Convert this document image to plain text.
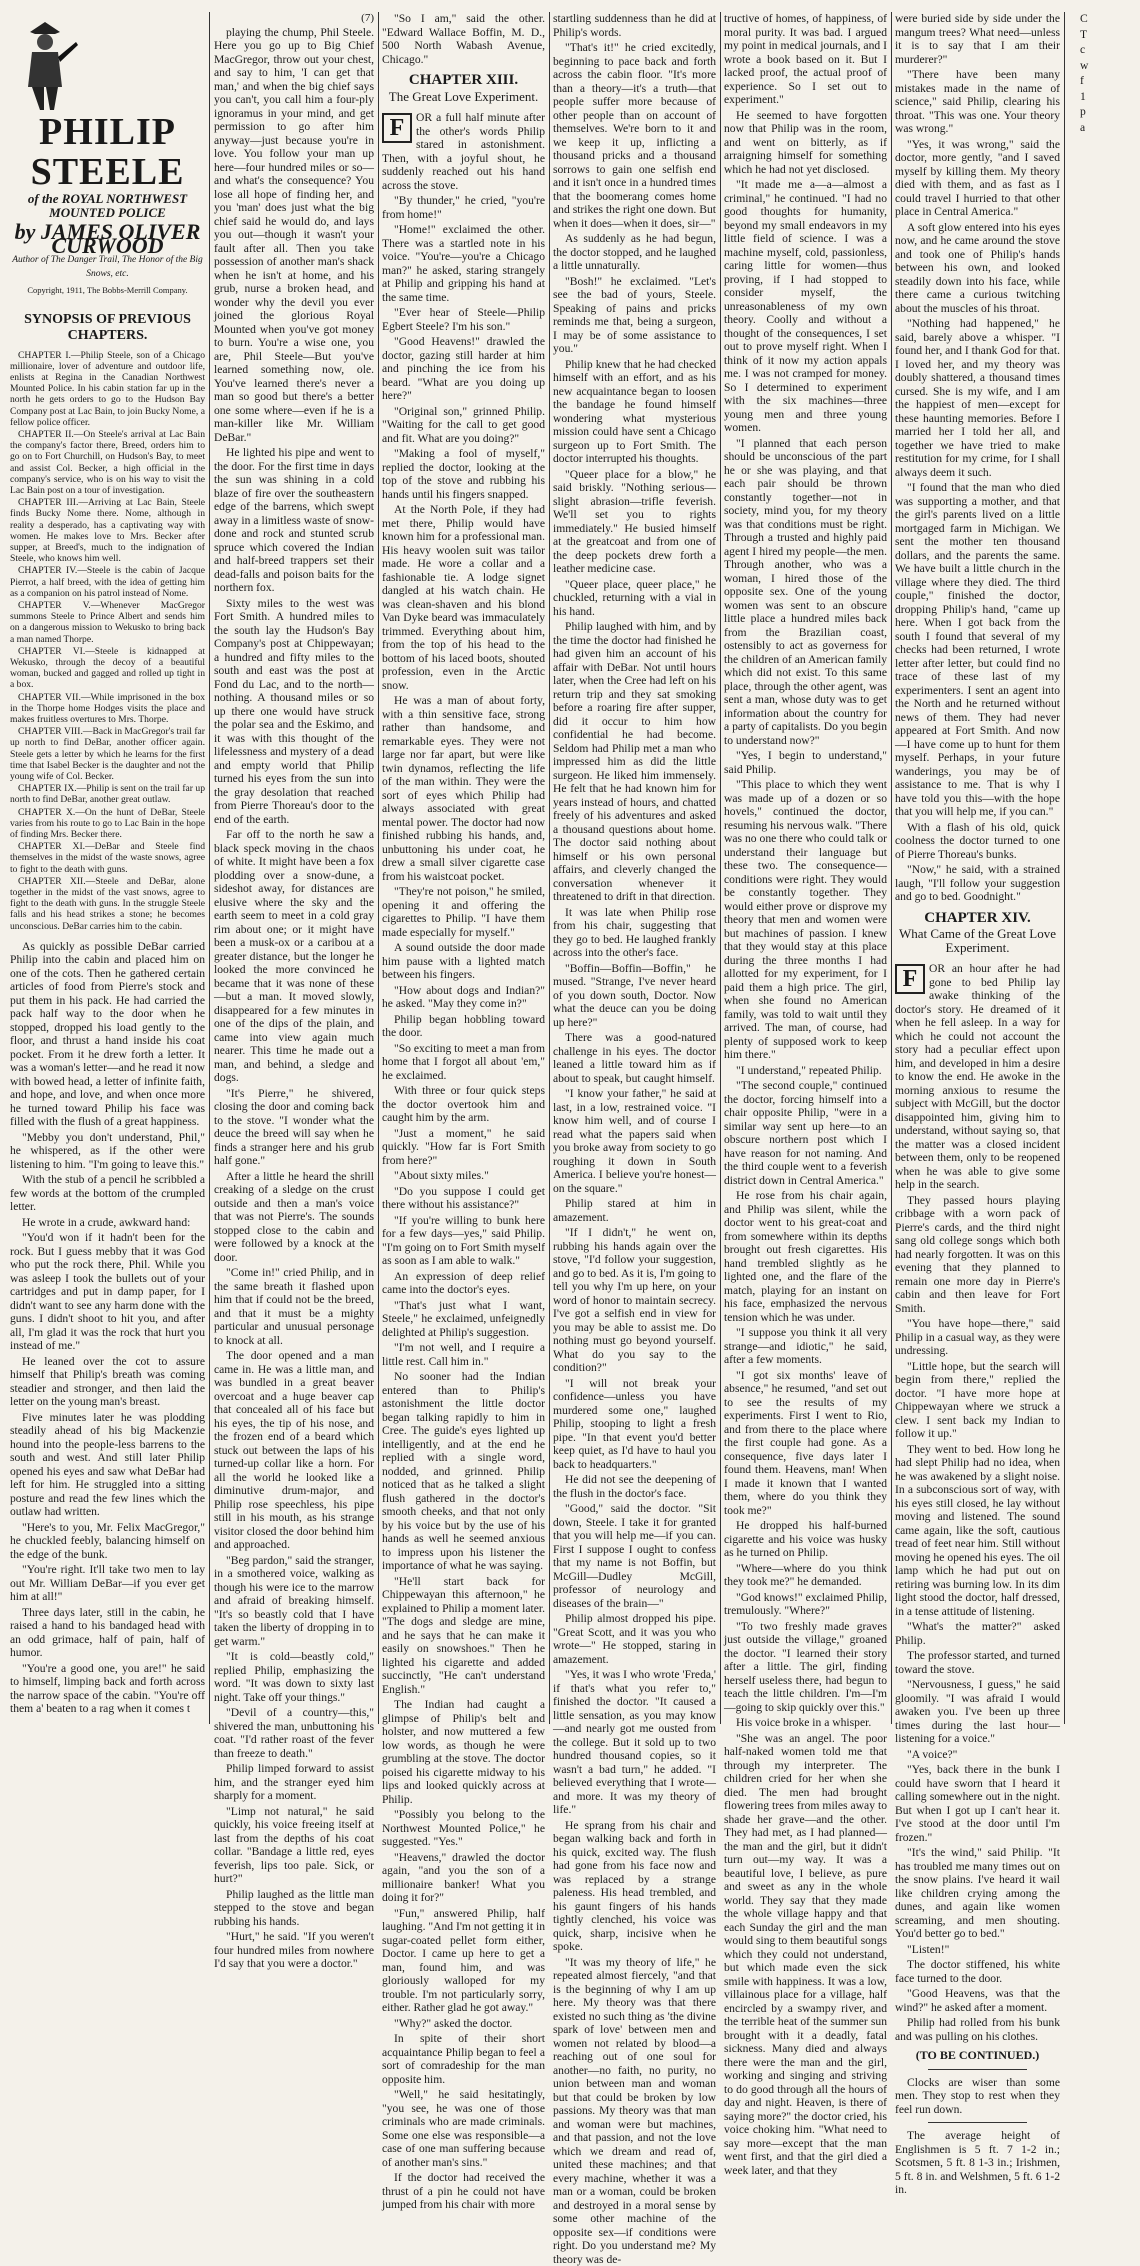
PHILIP STEELE
of the ROYAL NORTHWEST MOUNTED POLICE
by JAMES OLIVER CURWOOD
Author of The Danger Trail, The Honor of the Big Snows, etc.
Copyright, 1911, The Bobbs-Merrill Company.
SYNOPSIS OF PREVIOUS CHAPTERS.

CHAPTER I.—Philip Steele, son of a Chicago millionaire, lover of adventure and outdoor life, enlists at Regina in the Canadian Northwest Mounted Police. In his cabin station far up in the north he gets orders to go to the Hudson Bay Company post at Lac Bain, to join Bucky Nome, a fellow police officer.

CHAPTER II.—On Steele's arrival at Lac Bain the company's factor there, Breed, orders him to go on to Fort Churchill, on Hudson's Bay, to meet and assist Col. Becker, a high official in the company's service, who is on his way to visit the Lac Bain post on a tour of investigation.

CHAPTER III.—Arriving at Lac Bain, Steele finds Bucky Nome there. Nome, although in reality a desperado, has a captivating way with women. He makes love to Mrs. Becker after supper, at Breed's, much to the indignation of Steele, who knows him well.

CHAPTER IV.—Steele is the cabin of Jacque Pierrot, a half breed, with the idea of getting him as a companion on his patrol instead of Nome.

CHAPTER V.—Whenever MacGregor summons Steele to Prince Albert and sends him on a dangerous mission to Wekusko to bring back a man named Thorpe.

CHAPTER VI.—Steele is kidnapped at Wekusko, through the decoy of a beautiful woman, bucked and gagged and rolled up tight in a box.

CHAPTER VII.—While imprisoned in the box in the Thorpe home Hodges visits the place and makes fruitless overtures to Mrs. Thorpe.

CHAPTER VIII.—Back in MacGregor's trail far up north to find DeBar, another officer again. Steele gets a letter by which he learns for the first time that Isabel Becker is the daughter and not the young wife of Col. Becker.

CHAPTER IX.—Philip is sent on the trail far up north to find DeBar, another great outlaw.

CHAPTER X.—On the hunt of DeBar, Steele varies from his route to go to Lac Bain in the hope of finding Mrs. Becker there.

CHAPTER XI.—DeBar and Steele find themselves in the midst of the waste snows, agree to fight to the death with guns.

CHAPTER XII.—Steele and DeBar, alone together in the midst of the vast snows, agree to fight to the death with guns. In the struggle Steele falls and his head strikes a stone; he becomes unconscious. DeBar carries him to the cabin.

As quickly as possible DeBar carried Philip into the cabin and placed him on one of the cots. Then he gathered certain articles of food from Pierre's stock and put them in his pack. He had carried the pack half way to the door when he stopped, dropped his load gently to the floor, and thrust a hand inside his coat pocket. From it he drew forth a letter. It was a woman's letter—and he read it now with bowed head, a letter of infinite faith, and hope, and love, and when once more he turned toward Philip his face was filled with the flush of a great happiness.

"Mebby you don't understand, Phil," he whispered, as if the other were listening to him. "I'm going to leave this."

With the stub of a pencil he scribbled a few words at the bottom of the crumpled letter.

He wrote in a crude, awkward hand:

"You'd won if it hadn't been for the rock. But I guess mebby that it was God who put the rock there, Phil. While you was asleep I took the bullets out of your cartridges and put in damp paper, for I didn't want to see any harm done with the guns. I didn't shoot to hit you, and after all, I'm glad it was the rock that hurt you instead of me."

He leaned over the cot to assure himself that Philip's breath was coming steadier and stronger, and then laid the letter on the young man's breast.

Five minutes later he was plodding steadily ahead of his big Mackenzie hound into the people-less barrens to the south and west. And still later Philip opened his eyes and saw what DeBar had left for him. He struggled into a sitting posture and read the few lines which the outlaw had written.

"Here's to you, Mr. Felix MacGregor," he chuckled feebly, balancing himself on the edge of the bunk.

"You're right. It'll take two men to lay out Mr. William DeBar—if you ever get him at all!"

Three days later, still in the cabin, he raised a hand to his bandaged head with an odd grimace, half of pain, half of humor.

"You're a good one, you are!" he said to himself, limping back and forth across the narrow space of the cabin. "You're off them a' beaten to a rag when it comes t

(7)

playing the chump, Phil Steele. Here you go up to Big Chief MacGregor, throw out your chest, and say to him, 'I can get that man,' and when the big chief says you can't, you call him a four-ply ignoramus in your mind, and get permission to go after him anyway—just because you're in love. You follow your man up here—four hundred miles or so—and what's the consequence? You lose all hope of finding her, and you 'man' does just what the big chief said he would do, and lays you out—though it wasn't your fault after all. Then you take possession of another man's shack when he isn't at home, and his grub, nurse a broken head, and wonder why the devil you ever joined the glorious Royal Mounted when you've got money to burn. You're a wise one, you are, Phil Steele—But you've learned something now, ole. You've learned there's never a man so good but there's a better one some where—even if he is a man-killer like Mr. William DeBar."

He lighted his pipe and went to the door. For the first time in days the sun was shining in a cold blaze of fire over the southeastern edge of the barrens, which swept away in a limitless waste of snow-done and rock and stunted scrub spruce which covered the Indian and half-breed trappers set their dead-falls and poison baits for the northern fox.

Sixty miles to the west was Fort Smith. A hundred miles to the south lay the Hudson's Bay Company's post at Chippewayan; a hundred and fifty miles to the south and east was the post at Fond du Lac, and to the north—nothing. A thousand miles or so up there one would have struck the polar sea and the Eskimo, and it was with this thought of the lifelessness and mystery of a dead and empty world that Philip turned his eyes from the sun into the gray desolation that reached from Pierre Thoreau's door to the end of the earth.

Far off to the north he saw a black speck moving in the chaos of white. It might have been a fox plodding over a snow-dune, a sideshot away, for distances are elusive where the sky and the earth seem to meet in a cold gray rim about one; or it might have been a musk-ox or a caribou at a greater distance, but the longer he looked the more convinced he became that it was none of these—but a man. It moved slowly, disappeared for a few minutes in one of the dips of the plain, and came into view again much nearer. This time he made out a man, and behind, a sledge and dogs.

"It's Pierre," he shivered, closing the door and coming back to the stove. "I wonder what the deuce the breed will say when he finds a stranger here and his grub half gone."

After a little he heard the shrill creaking of a sledge on the crust outside and then a man's voice that was not Pierre's. The sounds stopped close to the cabin and were followed by a knock at the door.

"Come in!" cried Philip, and in the same breath it flashed upon him that if could not be the breed, and that it must be a mighty particular and unusual personage to knock at all.

The door opened and a man came in. He was a little man, and was bundled in a great beaver overcoat and a huge beaver cap that concealed all of his face but his eyes, the tip of his nose, and the frozen end of a beard which stuck out between the laps of his turned-up collar like a horn. For all the world he looked like a diminutive drum-major, and Philip rose speechless, his pipe still in his mouth, as his strange visitor closed the door behind him and approached.

"Beg pardon," said the stranger, in a smothered voice, walking as though his were ice to the marrow and afraid of breaking himself. "It's so beastly cold that I have taken the liberty of dropping in to get warm."

"It is cold—beastly cold," replied Philip, emphasizing the word. "It was down to sixty last night. Take off your things."

"Devil of a country—this," shivered the man, unbuttoning his coat. "I'd rather roast of the fever than freeze to death."

Philip limped forward to assist him, and the stranger eyed him sharply for a moment.

"Limp not natural," he said quickly, his voice freeing itself at last from the depths of his coat collar. "Bandage a little red, eyes feverish, lips too pale. Sick, or hurt?"

Philip laughed as the little man stepped to the stove and began rubbing his hands.

"Hurt," he said. "If you weren't four hundred miles from nowhere I'd say that you were a doctor."

"So I am," said the other. "Edward Wallace Boffin, M. D., 500 North Wabash Avenue, Chicago."

CHAPTER XIII.
The Great Love Experiment.
F	OR a full half minute after the other's words Philip stared in astonishment. Then, with a joyful shout, he suddenly reached out his hand across the stove.

"By thunder," he cried, "you're from home!"

"Home!" exclaimed the other. There was a startled note in his voice. "You're—you're a Chicago man?" he asked, staring strangely at Philip and gripping his hand at the same time.

"Ever hear of Steele—Philip Egbert Steele? I'm his son."

"Good Heavens!" drawled the doctor, gazing still harder at him and pinching the ice from his beard. "What are you doing up here?"

"Original son," grinned Philip. "Waiting for the call to get good and fit. What are you doing?"

"Making a fool of myself," replied the doctor, looking at the top of the stove and rubbing his hands until his fingers snapped.

At the North Pole, if they had met there, Philip would have known him for a professional man. His heavy woolen suit was tailor made. He wore a collar and a fashionable tie. A lodge signet dangled at his watch chain. He was clean-shaven and his blond Van Dyke beard was immaculately trimmed. Everything about him, from the top of his head to the bottom of his laced boots, shouted profession, even in the Arctic snow.

He was a man of about forty, with a thin sensitive face, strong rather than handsome, and remarkable eyes. They were not large nor far apart, but were like twin dynamos, reflecting the life of the man within. They were the sort of eyes which Philip had always associated with great mental power. The doctor had now finished rubbing his hands, and, unbuttoning his under coat, he drew a small silver cigarette case from his waistcoat pocket.

"They're not poison," he smiled, opening it and offering the cigarettes to Philip. "I have them made especially for myself."

A sound outside the door made him pause with a lighted match between his fingers.

"How about dogs and Indian?" he asked. "May they come in?"

Philip began hobbling toward the door.

"So exciting to meet a man from home that I forgot all about 'em," he exclaimed.

With three or four quick steps the doctor overtook him and caught him by the arm.

"Just a moment," he said quickly. "How far is Fort Smith from here?"

"About sixty miles."

"Do you suppose I could get there without his assistance?"

"If you're willing to bunk here for a few days—yes," said Philip. "I'm going on to Fort Smith myself as soon as I am able to walk."

An expression of deep relief came into the doctor's eyes.

"That's just what I want, Steele," he exclaimed, unfeignedly delighted at Philip's suggestion.

"I'm not well, and I require a little rest. Call him in."

No sooner had the Indian entered than to Philip's astonishment the little doctor began talking rapidly to him in Cree. The guide's eyes lighted up intelligently, and at the end he replied with a single word, nodded, and grinned. Philip noticed that as he talked a slight flush gathered in the doctor's smooth cheeks, and that not only by his voice but by the use of his hands as well he seemed anxious to impress upon his listener the importance of what he was saying.

"He'll start back for Chippewayan this afternoon," he explained to Philip a moment later. "The dogs and sledge are mine, and he says that he can make it easily on snowshoes." Then he lighted his cigarette and added succinctly, "He can't understand English."

The Indian had caught a glimpse of Philip's belt and holster, and now muttered a few low words, as though he were grumbling at the stove. The doctor poised his cigarette midway to his lips and looked quickly across at Philip.

"Possibly you belong to the Northwest Mounted Police," he suggested. "Yes."

"Heavens," drawled the doctor again, "and you the son of a millionaire banker! What you doing it for?"

"Fun," answered Philip, half laughing. "And I'm not getting it in sugar-coated pellet form either, Doctor. I came up here to get a man, found him, and was gloriously walloped for my trouble. I'm not particularly sorry, either. Rather glad he got away."

"Why?" asked the doctor.

In spite of their short acquaintance Philip began to feel a sort of comradeship for the man opposite him.

"Well," he said hesitatingly, "you see, he was one of those criminals who are made criminals. Some one else was responsible—a case of one man suffering because of another man's sins."

If the doctor had received the thrust of a pin he could not have jumped from his chair with more

startling suddenness than he did at Philip's words.

"That's it!" he cried excitedly, beginning to pace back and forth across the cabin floor. "It's more than a theory—it's a truth—that people suffer more because of other people than on account of themselves. We're born to it and we keep it up, inflicting a thousand pricks and a thousand sorrows to gain one selfish end and it isn't once in a hundred times that the boomerang comes home and strikes the right one down. But when it does—when it does, sir—"

As suddenly as he had begun, the doctor stopped, and he laughed a little unnaturally.

"Bosh!" he exclaimed. "Let's see the bad of yours, Steele. Speaking of pains and pricks reminds me that, being a surgeon, I may be of some assistance to you."

Philip knew that he had checked himself with an effort, and as his new acquaintance began to loosen the bandage he found himself wondering what mysterious mission could have sent a Chicago surgeon up to Fort Smith. The doctor interrupted his thoughts.

"Queer place for a blow," he said briskly. "Nothing serious—slight abrasion—trifle feverish. We'll set you to rights immediately." He busied himself at the greatcoat and from one of the deep pockets drew forth a leather medicine case.

"Queer place, queer place," he chuckled, returning with a vial in his hand.

Philip laughed with him, and by the time the doctor had finished he had given him an account of his affair with DeBar. Not until hours later, when the Cree had left on his return trip and they sat smoking before a roaring fire after supper, did it occur to him how confidential he had become. Seldom had Philip met a man who impressed him as did the little surgeon. He liked him immensely. He felt that he had known him for years instead of hours, and chatted freely of his adventures and asked a thousand questions about home. The doctor said nothing about himself or his own personal affairs, and cleverly changed the conversation whenever it threatened to drift in that direction.

It was late when Philip rose from his chair, suggesting that they go to bed. He laughed frankly across into the other's face.

"Boffin—Boffin—Boffin," he mused. "Strange, I've never heard of you down south, Doctor. Now what the deuce can you be doing up here?"

There was a good-natured challenge in his eyes. The doctor leaned a little toward him as if about to speak, but caught himself.

"I know your father," he said at last, in a low, restrained voice. "I know him well, and of course I read what the papers said when you broke away from society to go roughing it down in South America. I believe you're honest—on the square."

Philip stared at him in amazement.

"If I didn't," he went on, rubbing his hands again over the stove, "I'd follow your suggestion, and go to bed. As it is, I'm going to tell you why I'm up here, on your word of honor to maintain secrecy. I've got a selfish end in view for you may be able to assist me. Do nothing must go beyond yourself. What do you say to the condition?"

"I will not break your confidence—unless you have murdered some one," laughed Philip, stooping to light a fresh pipe. "In that event you'd better keep quiet, as I'd have to haul you back to headquarters."

He did not see the deepening of the flush in the doctor's face.

"Good," said the doctor. "Sit down, Steele. I take it for granted that you will help me—if you can. First I suppose I ought to confess that my name is not Boffin, but McGill—Dudley McGill, professor of neurology and diseases of the brain—"

Philip almost dropped his pipe. "Great Scott, and it was you who wrote—" He stopped, staring in amazement.

"Yes, it was I who wrote 'Freda,' if that's what you refer to," finished the doctor. "It caused a little sensation, as you may know—and nearly got me ousted from the college. But it sold up to two hundred thousand copies, so it wasn't a bad turn," he added. "I believed everything that I wrote—and more. It was my theory of life."

He sprang from his chair and began walking back and forth in his quick, excited way. The flush had gone from his face now and was replaced by a strange paleness. His head trembled, and his gaunt fingers of his hands tightly clenched, his voice was quick, sharp, incisive when he spoke.

"It was my theory of life," he repeated almost fiercely, "and that is the beginning of why I am up here. My theory was that there existed no such thing as 'the divine spark of love' between men and women not related by blood—a reaching out of one soul for another—no faith, no purity, no union between man and woman but that could be broken by low passions. My theory was that man and woman were but machines, and that passion, and not the love which we dream and read of, united these machines; and that every machine, whether it was a man or a woman, could be broken and destroyed in a moral sense by some other machine of the opposite sex—if conditions were right. Do you understand me? My theory was de-

tructive of homes, of happiness, of moral purity. It was bad. I argued my point in medical journals, and I wrote a book based on it. But I lacked proof, the actual proof of experience. So I set out to experiment."

He seemed to have forgotten now that Philip was in the room, and went on bitterly, as if arraigning himself for something which he had not yet disclosed.

"It made me a—a—almost a criminal," he continued. "I had no good thoughts for humanity, beyond my small endeavors in my little field of science. I was a machine myself, cold, passionless, caring little for women—thus proving, if I had stopped to consider myself, the unreasonableness of my own theory. Coolly and without a thought of the consequences, I set out to prove myself right. When I think of it now my action appals me. I was not cramped for money. So I determined to experiment with the six machines—three young men and three young women.

"I planned that each person should be unconscious of the part he or she was playing, and that each pair should be thrown constantly together—not in society, mind you, for my theory was that conditions must be right. Through a trusted and highly paid agent I hired my people—the men. Through another, who was a woman, I hired those of the opposite sex. One of the young women was sent to an obscure little place a hundred miles back from the Brazilian coast, ostensibly to act as governess for the children of an American family which did not exist. To this same place, through the other agent, was sent a man, whose duty was to get information about the country for a party of capitalists. Do you begin to understand now?"

"Yes, I begin to understand," said Philip.

"This place to which they went was made up of a dozen or so hovels," continued the doctor, resuming his nervous walk. "There was no one there who could talk or understand their language but these two. The consequence—conditions were right. They would be constantly together. They would either prove or disprove my theory that men and women were but machines of passion. I knew that they would stay at this place during the three months I had allotted for my experiment, for I paid them a high price. The girl, when she found no American family, was told to wait until they arrived. The man, of course, had plenty of supposed work to keep him there."

"I understand," repeated Philip.

"The second couple," continued the doctor, forcing himself into a chair opposite Philip, "were in a similar way sent up here—to an obscure northern post which I have reason for not naming. And the third couple went to a feverish district down in Central America."

He rose from his chair again, and Philip was silent, while the doctor went to his great-coat and from somewhere within its depths brought out fresh cigarettes. His hand trembled slightly as he lighted one, and the flare of the match, playing for an instant on his face, emphasized the nervous tension which he was under.

"I suppose you think it all very strange—and idiotic," he said, after a few moments.

"I got six months' leave of absence," he resumed, "and set out to see the results of my experiments. First I went to Rio, and from there to the place where the first couple had gone. As a consequence, five days later I found them. Heavens, man! When I made it known that I wanted them, where do you think they took me?"

He dropped his half-burned cigarette and his voice was husky as he turned on Philip.

"Where—where do you think they took me?" he demanded.

"God knows!" exclaimed Philip, tremulously. "Where?"

"To two freshly made graves just outside the village," groaned the doctor. "I learned their story after a little. The girl, finding herself useless there, had begun to teach the little children. I'm—I'm—going to skip quickly over this."

His voice broke in a whisper.

"She was an angel. The poor half-naked women told me that through my interpreter. The children cried for her when she died. The men had brought flowering trees from miles away to shade her grave—and the other. They had met, as I had planned—the man and the girl, but it didn't turn out—my way. It was a beautiful love, I believe, as pure and sweet as any in the whole world. They say that they made the whole village happy and that each Sunday the girl and the man would sing to them beautiful songs which they could not understand, but which made even the sick smile with happiness. It was a low, villainous place for a village, half encircled by a swampy river, and the terrible heat of the summer sun brought with it a deadly, fatal sickness. Many died and always there were the man and the girl, working and singing and striving to do good through all the hours of day and night. Heaven, is there of saying more?" the doctor cried, his voice choking him. "What need to say more—except that the man went first, and that the girl died a week later, and that they

were buried side by side under the mangum trees? What need—unless it is to say that I am their murderer?"

"There have been many mistakes made in the name of science," said Philip, clearing his throat. "This was one. Your theory was wrong."

"Yes, it was wrong," said the doctor, more gently, "and I saved myself by killing them. My theory died with them, and as fast as I could travel I hurried to that other place in Central America."

A soft glow entered into his eyes now, and he came around the stove and took one of Philip's hands between his own, and looked steadily down into his face, while there came a curious twitching about the muscles of his throat.

"Nothing had happened," he said, barely above a whisper. "I found her, and I thank God for that. I loved her, and my theory was doubly shattered, a thousand times cursed. She is my wife, and I am the happiest of men—except for these haunting memories. Before I married her I told her all, and together we have tried to make restitution for my crime, for I shall always deem it such.

"I found that the man who died was supporting a mother, and that the girl's parents lived on a little mortgaged farm in Michigan. We sent the mother ten thousand dollars, and the parents the same. We have built a little church in the village where they died. The third couple," finished the doctor, dropping Philip's hand, "came up here. When I got back from the south I found that several of my checks had been returned, I wrote letter after letter, but could find no trace of these last of my experimenters. I sent an agent into the North and he returned without news of them. They had never appeared at Fort Smith. And now—I have come up to hunt for them myself. Perhaps, in your future wanderings, you may be of assistance to me. That is why I have told you this—with the hope that you will help me, if you can."

With a flash of his old, quick coolness the doctor turned to one of Pierre Thoreau's bunks.

"Now," he said, with a strained laugh, "I'll follow your suggestion and go to bed. Goodnight."

CHAPTER XIV.
What Came of the Great Love Experiment.
F	OR an hour after he had gone to bed Philip lay awake thinking of the doctor's story. He dreamed of it when he fell asleep. In a way for which he could not account the story had a peculiar effect upon him, and developed in him a desire to know the end. He awoke in the morning anxious to resume the subject with McGill, but the doctor disappointed him, giving him to understand, without saying so, that the matter was a closed incident between them, only to be reopened when he was able to give some help in the search.

They passed hours playing cribbage with a worn pack of Pierre's cards, and the third night sang old college songs which both had nearly forgotten. It was on this evening that they planned to remain one more day in Pierre's cabin and then leave for Fort Smith.

"You have hope—there," said Philip in a casual way, as they were undressing.

"Little hope, but the search will begin from there," replied the doctor. "I have more hope at Chippewayan where we struck a clew. I sent back my Indian to follow it up."

They went to bed. How long he had slept Philip had no idea, when he was awakened by a slight noise. In a subconscious sort of way, with his eyes still closed, he lay without moving and listened. The sound came again, like the soft, cautious tread of feet near him. Still without moving he opened his eyes. The oil lamp which he had put out on retiring was burning low. In its dim light stood the doctor, half dressed, in a tense attitude of listening.

"What's the matter?" asked Philip.

The professor started, and turned toward the stove.

"Nervousness, I guess," he said gloomily. "I was afraid I would awaken you. I've been up three times during the last hour—listening for a voice."

"A voice?"

"Yes, back there in the bunk I could have sworn that I heard it calling somewhere out in the night. But when I got up I can't hear it. I've stood at the door until I'm frozen."

"It's the wind," said Philip. "It has troubled me many times out on the snow plains. I've heard it wail like children crying among the dunes, and again like women screaming, and men shouting. You'd better go to bed."

"Listen!"

The doctor stiffened, his white face turned to the door.

"Good Heavens, was that the wind?" he asked after a moment.

Philip had rolled from his bunk and was pulling on his clothes.

(TO BE CONTINUED.)

Clocks are wiser than some men. They stop to rest when they feel run down.

The average height of Englishmen is 5 ft. 7 1-2 in.; Scotsmen, 5 ft. 8 1-3 in.; Irishmen, 5 ft. 8 in. and Welshmen, 5 ft. 6 1-2 in.

C

T

c

w

f

1

p

a
